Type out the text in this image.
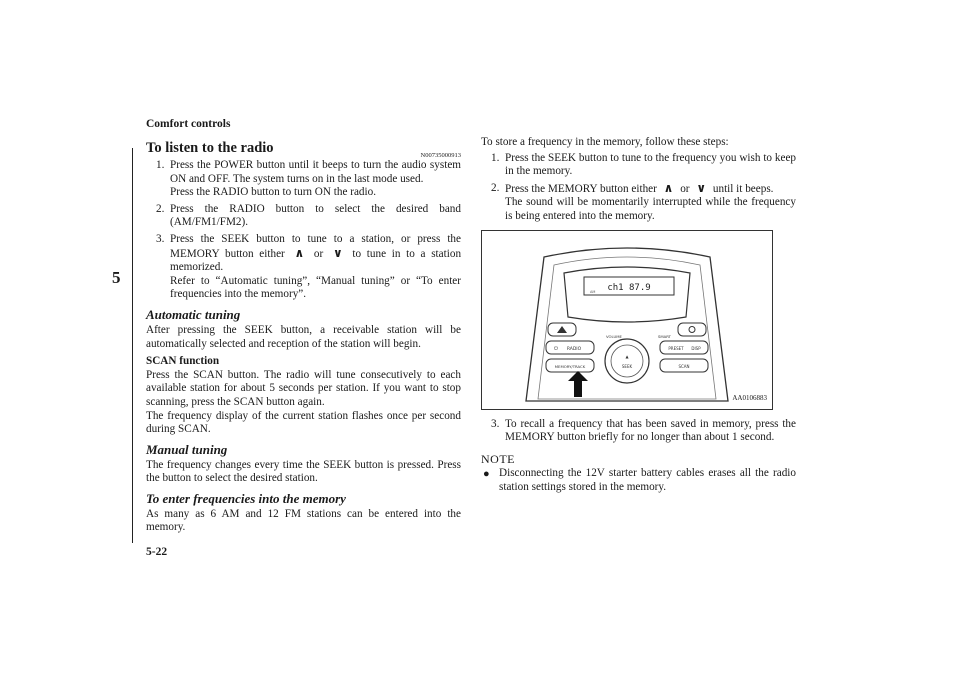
Comfort controls
5-22
5
To listen to the radio	N00735000913
1. Press the POWER button until it beeps to turn the audio system ON and OFF. The system turns on in the last mode used.

Press the RADIO button to turn ON the radio.

2. Press the RADIO button to select the desired band (AM/FM1/FM2).

3. Press the SEEK button to tune to a station, or press the MEMORY button either ∧ or ∨ to tune in to a station memorized.

Refer to “Automatic tuning”, “Manual tuning” or “To enter frequencies into the memory”.

Automatic tuning

After pressing the SEEK button, a receivable station will be automatically selected and reception of the station will begin.

SCAN function

Press the SCAN button. The radio will tune consecutively to each available station for about 5 seconds per station. If you want to stop scanning, press the SCAN button again.

The frequency display of the current station flashes once per second during SCAN.

Manual tuning

The frequency changes every time the SEEK button is pressed. Press the button to select the desired station.

To enter frequencies into the memory

As many as 6 AM and 12 FM stations can be entered into the memory.

To store a frequency in the memory, follow these steps:

1. Press the SEEK button to tune to the frequency you wish to keep in the memory.

2. Press the MEMORY button either ∧ or ∨ until it beeps.

The sound will be momentarily interrupted while the frequency is being entered into the memory.

ch1 87.9
AM
⏻ RADIO
MEMORY/TRACK
VOLUME
▲
SEEK
SMART
PRESET DISP
SCAN
AA0106883
3. To recall a frequency that has been saved in memory, press the MEMORY button briefly for no longer than about 1 second.

NOTE
● Disconnecting the 12V starter battery cables erases all the radio station settings stored in the memory.
